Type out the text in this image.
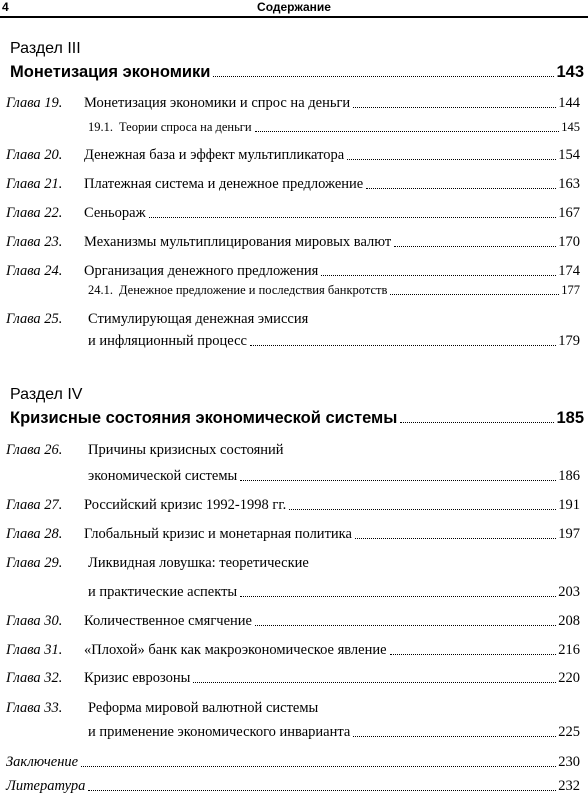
4	Содержание
Раздел III
Монетизация экономики	143
Глава 19.	Монетизация экономики и спрос на деньги	144
19.1. Теории спроса на деньги	145
Глава 20.	Денежная база и эффект мультипликатора	154
Глава 21.	Платежная система и денежное предложение	163
Глава 22.	Сеньораж	167
Глава 23.	Механизмы мультиплицирования мировых валют	170
Глава 24.	Организация денежного предложения	174
24.1. Денежное предложение и последствия банкротств	177
Глава 25. Стимулирующая денежная эмиссия
и инфляционный процесс	179
Раздел IV
Кризисные состояния экономической системы	185
Глава 26. Причины кризисных состояний
экономической системы	186
Глава 27.	Российский кризис 1992-1998 гг.	191
Глава 28.	Глобальный кризис и монетарная политика	197
Глава 29. Ликвидная ловушка: теоретические
и практические аспекты	203
Глава 30.	Количественное смягчение	208
Глава 31.	«Плохой» банк как макроэкономическое явление	216
Глава 32.	Кризис еврозоны	220
Глава 33. Реформа мировой валютной системы
и применение экономического инварианта	225
Заключение	230
Литература	232
